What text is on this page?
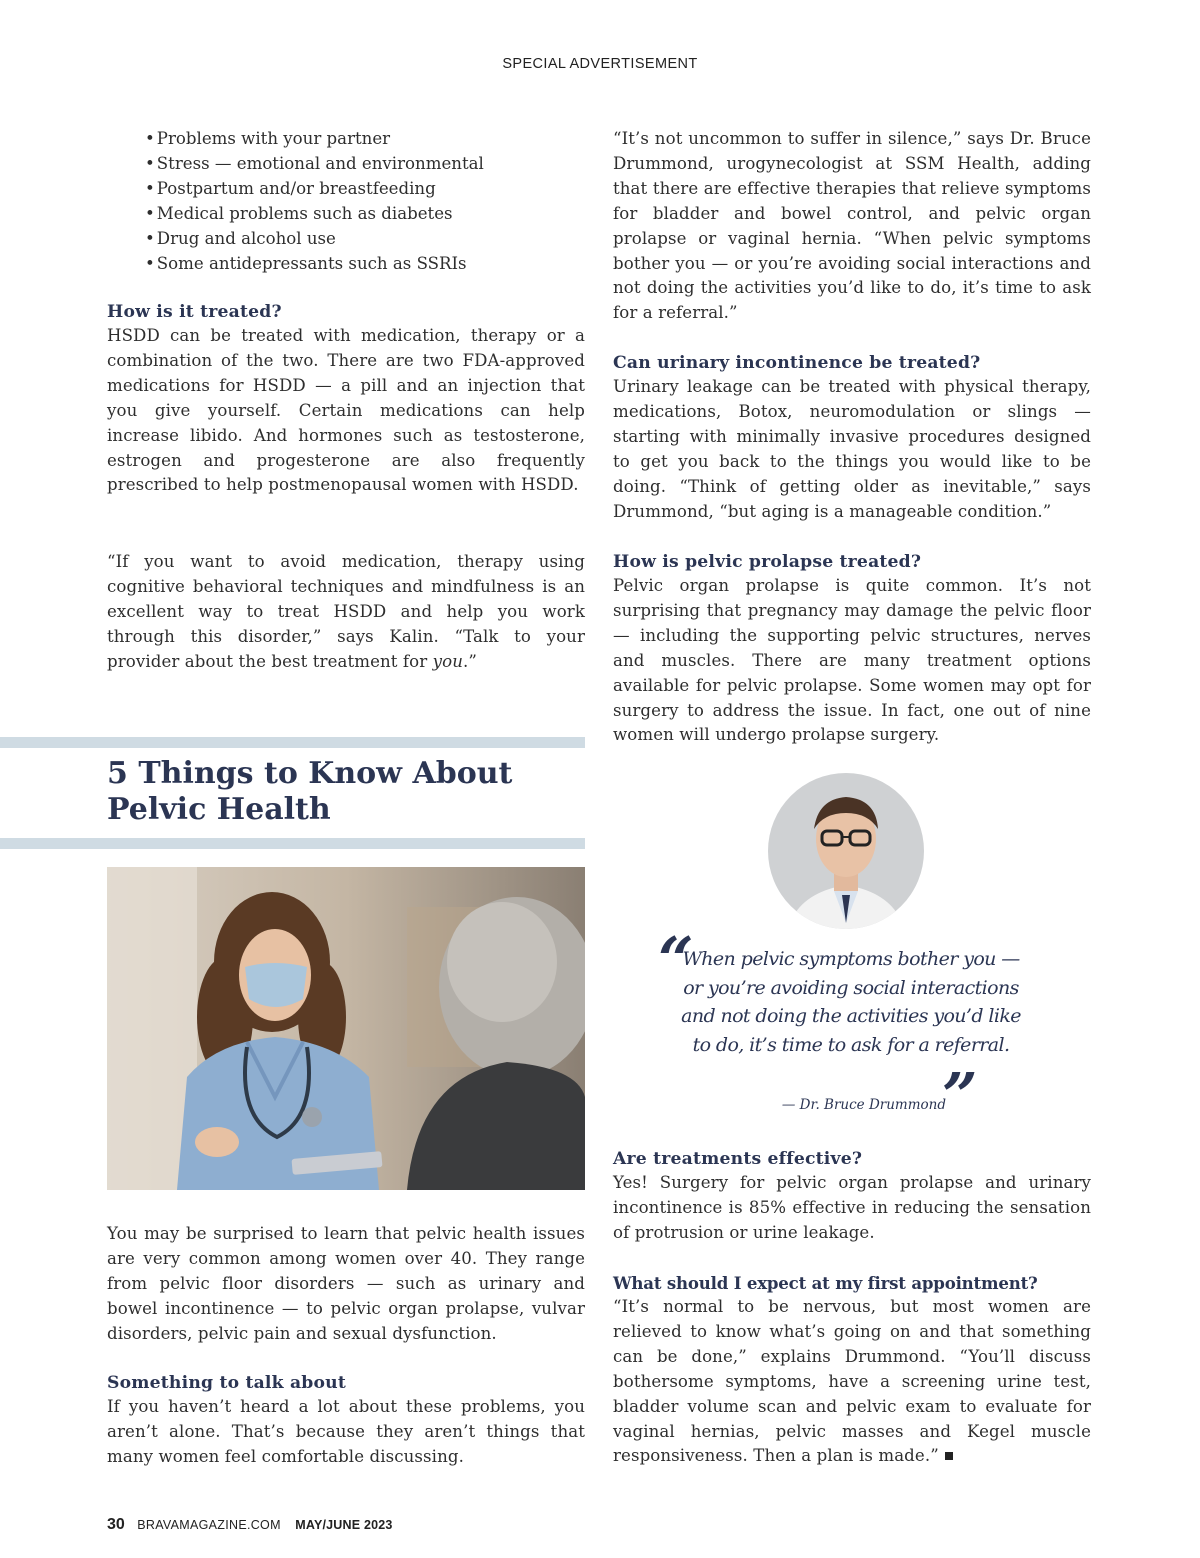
SPECIAL ADVERTISEMENT
• Problems with your partner
• Stress — emotional and environmental
• Postpartum and/or breastfeeding
• Medical problems such as diabetes
• Drug and alcohol use
• Some antidepressants such as SSRIs
How is it treated?
HSDD can be treated with medication, therapy or a combination of the two. There are two FDA-approved medications for HSDD — a pill and an injection that you give yourself. Certain medications can help increase libido. And hormones such as testosterone, estrogen and progesterone are also frequently prescribed to help postmenopausal women with HSDD.
“If you want to avoid medication, therapy using cognitive behavioral techniques and mindfulness is an excellent way to treat HSDD and help you work through this disorder,” says Kalin. “Talk to your provider about the best treatment for you.”
5 Things to Know About Pelvic Health
You may be surprised to learn that pelvic health issues are very common among women over 40. They range from pelvic floor disorders — such as urinary and bowel incontinence — to pelvic organ prolapse, vulvar disorders, pelvic pain and sexual dysfunction.
Something to talk about
If you haven’t heard a lot about these problems, you aren’t alone. That’s because they aren’t things that many women feel comfortable discussing.
“It’s not uncommon to suffer in silence,” says Dr. Bruce Drummond, urogynecologist at SSM Health, adding that there are effective therapies that relieve symptoms for bladder and bowel control, and pelvic organ prolapse or vaginal hernia. “When pelvic symptoms bother you — or you’re avoiding social interactions and not doing the activities you’d like to do, it’s time to ask for a referral.”
Can urinary incontinence be treated?
Urinary leakage can be treated with physical therapy, medications, Botox, neuromodulation or slings — starting with minimally invasive procedures designed to get you back to the things you would like to be doing. “Think of getting older as inevitable,” says Drummond, “but aging is a manageable condition.”
How is pelvic prolapse treated?
Pelvic organ prolapse is quite common. It’s not surprising that pregnancy may damage the pelvic floor — including the supporting pelvic structures, nerves and muscles. There are many treatment options available for pelvic prolapse. Some women may opt for surgery to address the issue. In fact, one out of nine women will undergo prolapse surgery.
“
When pelvic symptoms bother you — or you’re avoiding social interactions and not doing the activities you’d like to do, it’s time to ask for a referral.
”
— Dr. Bruce Drummond
Are treatments effective?
Yes! Surgery for pelvic organ prolapse and urinary incontinence is 85% effective in reducing the sensation of protrusion or urine leakage.
What should I expect at my first appointment?
“It’s normal to be nervous, but most women are relieved to know what’s going on and that something can be done,” explains Drummond. “You’ll discuss bothersome symptoms, have a screening urine test, bladder volume scan and pelvic exam to evaluate for vaginal hernias, pelvic masses and Kegel muscle responsiveness. Then a plan is made.”
30 BRAVAMAGAZINE.COM MAY/JUNE 2023
